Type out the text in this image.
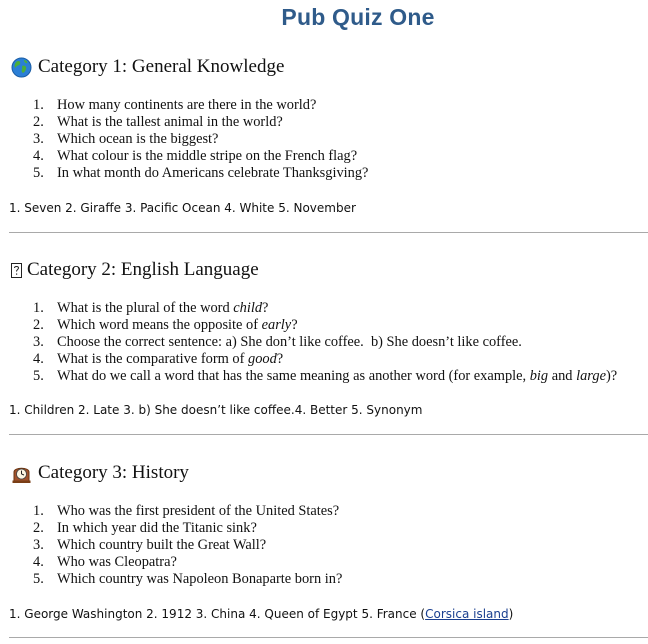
Pub Quiz One
Category 1: General Knowledge
1. How many continents are there in the world?
2. What is the tallest animal in the world?
3. Which ocean is the biggest?
4. What colour is the middle stripe on the French flag?
5. In what month do Americans celebrate Thanksgiving?
1. Seven 2. Giraffe 3. Pacific Ocean 4. White 5. November
Category 2: English Language
1. What is the plural of the word child?
2. Which word means the opposite of early?
3. Choose the correct sentence: a) She don’t like coffee.  b) She doesn’t like coffee.
4. What is the comparative form of good?
5. What do we call a word that has the same meaning as another word (for example, big and large)?
1. Children 2. Late 3. b) She doesn’t like coffee.4. Better 5. Synonym
Category 3: History
1. Who was the first president of the United States?
2. In which year did the Titanic sink?
3. Which country built the Great Wall?
4. Who was Cleopatra?
5. Which country was Napoleon Bonaparte born in?
1. George Washington 2. 1912 3. China 4. Queen of Egypt 5. France (Corsica island)
